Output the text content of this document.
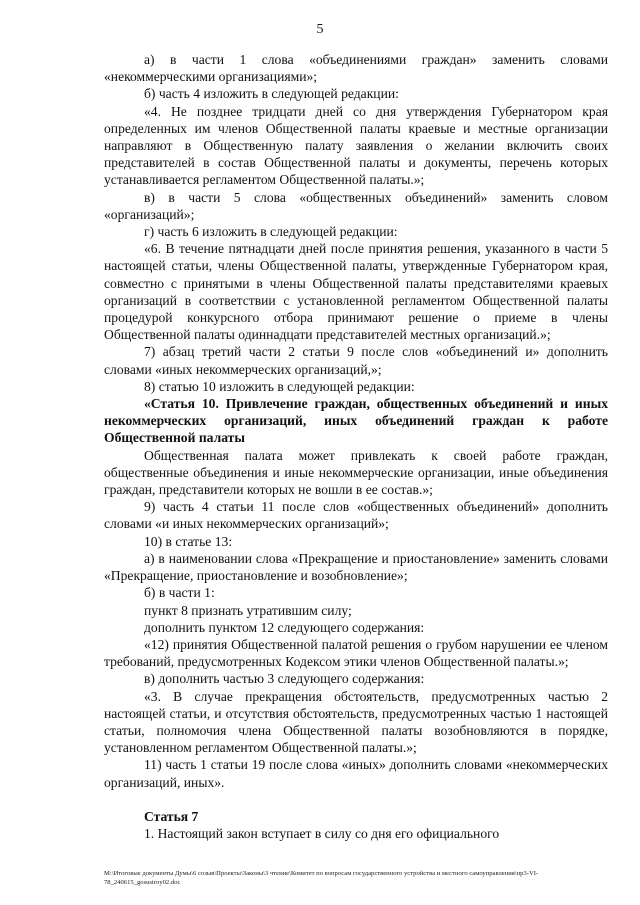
5

а) в части 1 слова «объединениями граждан» заменить словами «некоммерческими организациями»;

б) часть 4 изложить в следующей редакции:

«4. Не позднее тридцати дней со дня утверждения Губернатором края определенных им членов Общественной палаты краевые и местные организации направляют в Общественную палату заявления о желании включить своих представителей в состав Общественной палаты и документы, перечень которых устанавливается регламентом Общественной палаты.»;

в) в части 5 слова «общественных объединений» заменить словом «организаций»;

г) часть 6 изложить в следующей редакции:

«6. В течение пятнадцати дней после принятия решения, указанного в части 5 настоящей статьи, члены Общественной палаты, утвержденные Губернатором края, совместно с принятыми в члены Общественной палаты представителями краевых организаций в соответствии с установленной регламентом Общественной палаты процедурой конкурсного отбора принимают решение о приеме в члены Общественной палаты одиннадцати представителей местных организаций.»;

7) абзац третий части 2 статьи 9 после слов «объединений и» дополнить словами «иных некоммерческих организаций,»;

8) статью 10 изложить в следующей редакции:

«Статья 10. Привлечение граждан, общественных объединений и иных некоммерческих организаций, иных объединений граждан к работе Общественной палаты

Общественная палата может привлекать к своей работе граждан, общественные объединения и иные некоммерческие организации, иные объединения граждан, представители которых не вошли в ее состав.»;

9) часть 4 статьи 11 после слов «общественных объединений» дополнить словами «и иных некоммерческих организаций»;

10) в статье 13:

а) в наименовании слова «Прекращение и приостановление» заменить словами «Прекращение, приостановление и возобновление»;

б) в части 1:

пункт 8 признать утратившим силу;

дополнить пунктом 12 следующего содержания:

«12) принятия Общественной палатой решения о грубом нарушении ее членом требований, предусмотренных Кодексом этики членов Общественной палаты.»;

в) дополнить частью 3 следующего содержания:

«3. В случае прекращения обстоятельств, предусмотренных частью 2 настоящей статьи, и отсутствия обстоятельств, предусмотренных частью 1 настоящей статьи, полномочия члена Общественной палаты возобновляются в порядке, установленном регламентом Общественной палаты.»;

11) часть 1 статьи 19 после слова «иных» дополнить словами «некоммерческих организаций, иных».

Статья 7

1. Настоящий закон вступает в силу со дня его официального

М:\Итоговые документы Думы\6 созыв\Проекты\Законы\3 чтение\Комитет по вопросам государственного устройства и местного самоуправления\пр3-VI-78_240615_gosustroy02.doc
